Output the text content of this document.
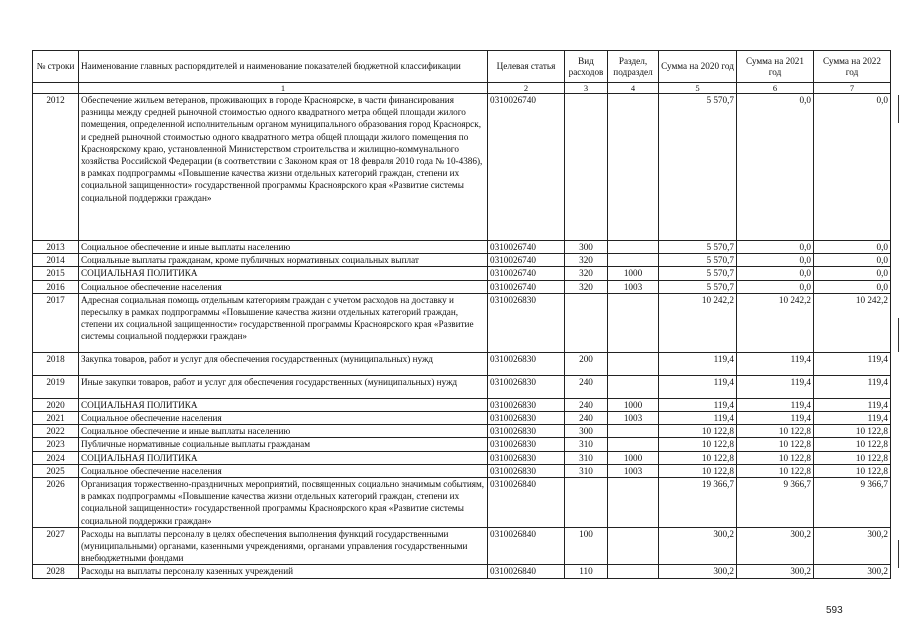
№ строки	Наименование главных распорядителей и наименование показателей бюджетной классификации	Целевая статья	Вид расходов	Раздел, подраздел	Сумма на 2020 год	Сумма на 2021 год	Сумма на 2022 год
	1	2	3	4	5	6	7
2012	Обеспечение жильем ветеранов, проживающих в городе Красноярске, в части финансирования разницы между средней рыночной стоимостью одного квадратного метра общей площади жилого помещения, определенной исполнительным органом муниципального образования город Красноярск, и средней рыночной стоимостью одного квадратного метра общей площади жилого помещения по Красноярскому краю, установленной Министерством строительства и жилищно-коммунального хозяйства Российской Федерации (в соответствии с Законом края от 18 февраля 2010 года № 10-4386), в рамках подпрограммы «Повышение качества жизни отдельных категорий граждан, степени их социальной защищенности» государственной программы Красноярского края «Развитие системы социальной поддержки граждан»	0310026740			5 570,7	0,0	0,0
2013	Социальное обеспечение и иные выплаты населению	0310026740	300		5 570,7	0,0	0,0
2014	Социальные выплаты гражданам, кроме публичных нормативных социальных выплат	0310026740	320		5 570,7	0,0	0,0
2015	СОЦИАЛЬНАЯ ПОЛИТИКА	0310026740	320	1000	5 570,7	0,0	0,0
2016	Социальное обеспечение населения	0310026740	320	1003	5 570,7	0,0	0,0
2017	Адресная социальная помощь отдельным категориям граждан с учетом расходов на доставку и пересылку в рамках подпрограммы «Повышение качества жизни отдельных категорий граждан, степени их социальной защищенности» государственной программы Красноярского края «Развитие системы социальной поддержки граждан»	0310026830			10 242,2	10 242,2	10 242,2
2018	Закупка товаров, работ и услуг для обеспечения государственных (муниципальных) нужд	0310026830	200		119,4	119,4	119,4
2019	Иные закупки товаров, работ и услуг для обеспечения государственных (муниципальных) нужд	0310026830	240		119,4	119,4	119,4
2020	СОЦИАЛЬНАЯ ПОЛИТИКА	0310026830	240	1000	119,4	119,4	119,4
2021	Социальное обеспечение населения	0310026830	240	1003	119,4	119,4	119,4
2022	Социальное обеспечение и иные выплаты населению	0310026830	300		10 122,8	10 122,8	10 122,8
2023	Публичные нормативные социальные выплаты гражданам	0310026830	310		10 122,8	10 122,8	10 122,8
2024	СОЦИАЛЬНАЯ ПОЛИТИКА	0310026830	310	1000	10 122,8	10 122,8	10 122,8
2025	Социальное обеспечение населения	0310026830	310	1003	10 122,8	10 122,8	10 122,8
2026	Организация торжественно-праздничных мероприятий, посвященных социально значимым событиям, в рамках подпрограммы «Повышение качества жизни отдельных категорий граждан, степени их социальной защищенности» государственной программы Красноярского края «Развитие системы социальной поддержки граждан»	0310026840			19 366,7	9 366,7	9 366,7
2027	Расходы на выплаты персоналу в целях обеспечения выполнения функций государственными (муниципальными) органами, казенными учреждениями, органами управления государственными внебюджетными фондами	0310026840	100		300,2	300,2	300,2
2028	Расходы на выплаты персоналу казенных учреждений	0310026840	110		300,2	300,2	300,2
593
